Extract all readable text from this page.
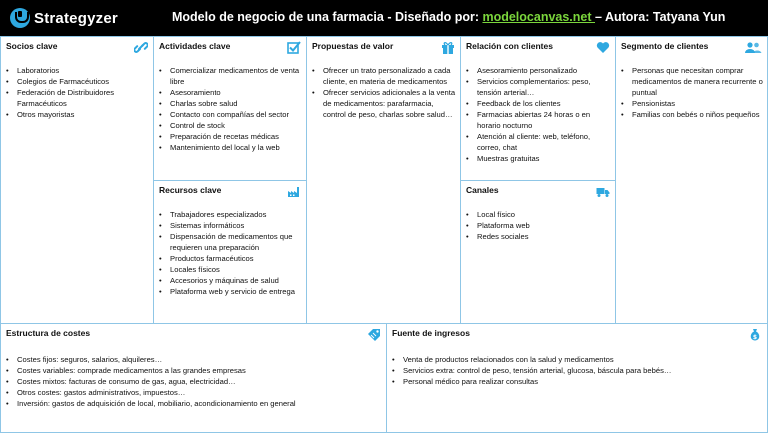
Strategyzer	Modelo de negocio de una farmacia - Diseñado por: modelocanvas.net – Autora: Tatyana Yun
Socios clave
• Laboratorios
• Colegios de Farmacéuticos
• Federación de Distribuidores Farmacéuticos
• Otros mayoristas
Actividades clave
• Comercializar medicamentos de venta libre
• Asesoramiento
• Charlas sobre salud
• Contacto con compañías del sector
• Control de stock
• Preparación de recetas médicas
• Mantenimiento del local y la web
Recursos clave
• Trabajadores especializados
• Sistemas informáticos
• Dispensación de medicamentos que requieren una preparación
• Productos farmacéuticos
• Locales físicos
• Accesorios y máquinas de salud
• Plataforma web y servicio de entrega
Propuestas de valor
• Ofrecer un trato personalizado a cada cliente, en materia de medicamentos
• Ofrecer servicios adicionales a la venta de medicamentos: parafarmacia, control de peso, charlas sobre salud…
Relación con clientes
• Asesoramiento personalizado
• Servicios complementarios: peso, tensión arterial…
• Feedback de los clientes
• Farmacias abiertas 24 horas o en horario nocturno
• Atención al cliente: web, teléfono, correo, chat
• Muestras gratuitas
Canales
• Local físico
• Plataforma web
• Redes sociales
Segmento de clientes
• Personas que necesitan comprar medicamentos de manera recurrente o puntual
• Pensionistas
• Familias con bebés o niños pequeños
Estructura de costes
• Costes fijos: seguros, salarios, alquileres…
• Costes variables: comprade medicamentos a las grandes empresas
• Costes mixtos: facturas de consumo de gas, agua, electricidad…
• Otros costes: gastos administrativos, impuestos…
• Inversión: gastos de adquisición de local, mobiliario, acondicionamiento en general
Fuente de ingresos	$
• Venta de productos relacionados con la salud y medicamentos
• Servicios extra: control de peso, tensión arterial, glucosa, báscula para bebés…
• Personal médico para realizar consultas
